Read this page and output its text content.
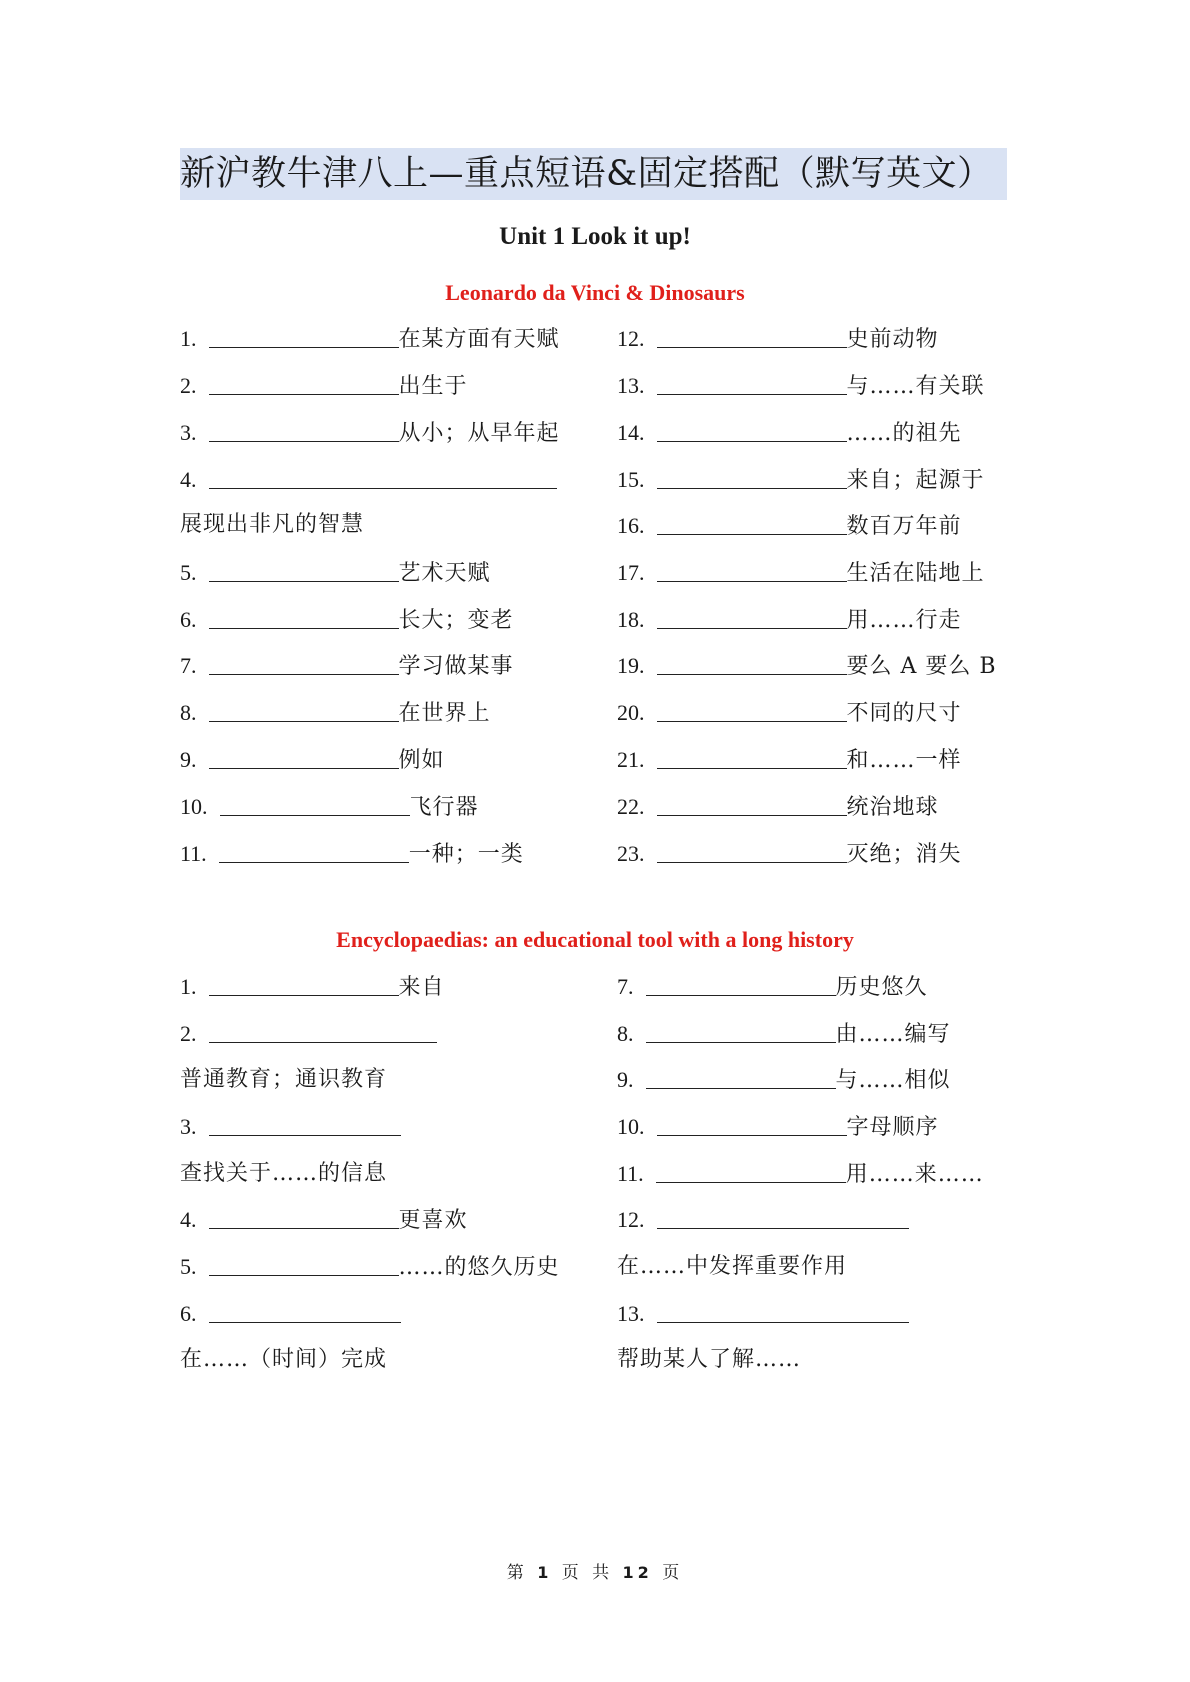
新沪教牛津八上—重点短语&固定搭配（默写英文）
Unit 1 Look it up!
Leonardo da Vinci & Dinosaurs
1.	在某方面有天赋
2.	出生于
3.	从小；从早年起
4.
展现出非凡的智慧
5.	艺术天赋
6.	长大；变老
7.	学习做某事
8.	在世界上
9.	例如
10.	飞行器
11.	一种；一类
12.	史前动物
13.	与……有关联
14.	……的祖先
15.	来自；起源于
16.	数百万年前
17.	生活在陆地上
18.	用……行走
19.	要么 A 要么 B
20.	不同的尺寸
21.	和……一样
22.	统治地球
23.	灭绝；消失
Encyclopaedias: an educational tool with a long history
1.	来自
2.
普通教育；通识教育
3.
查找关于……的信息
4.	更喜欢
5.	……的悠久历史
6.
在……（时间）完成
7.	历史悠久
8.	由……编写
9.	与……相似
10.	字母顺序
11.	用……来……
12.
在……中发挥重要作用
13.
帮助某人了解……
第 1 页 共 12 页
